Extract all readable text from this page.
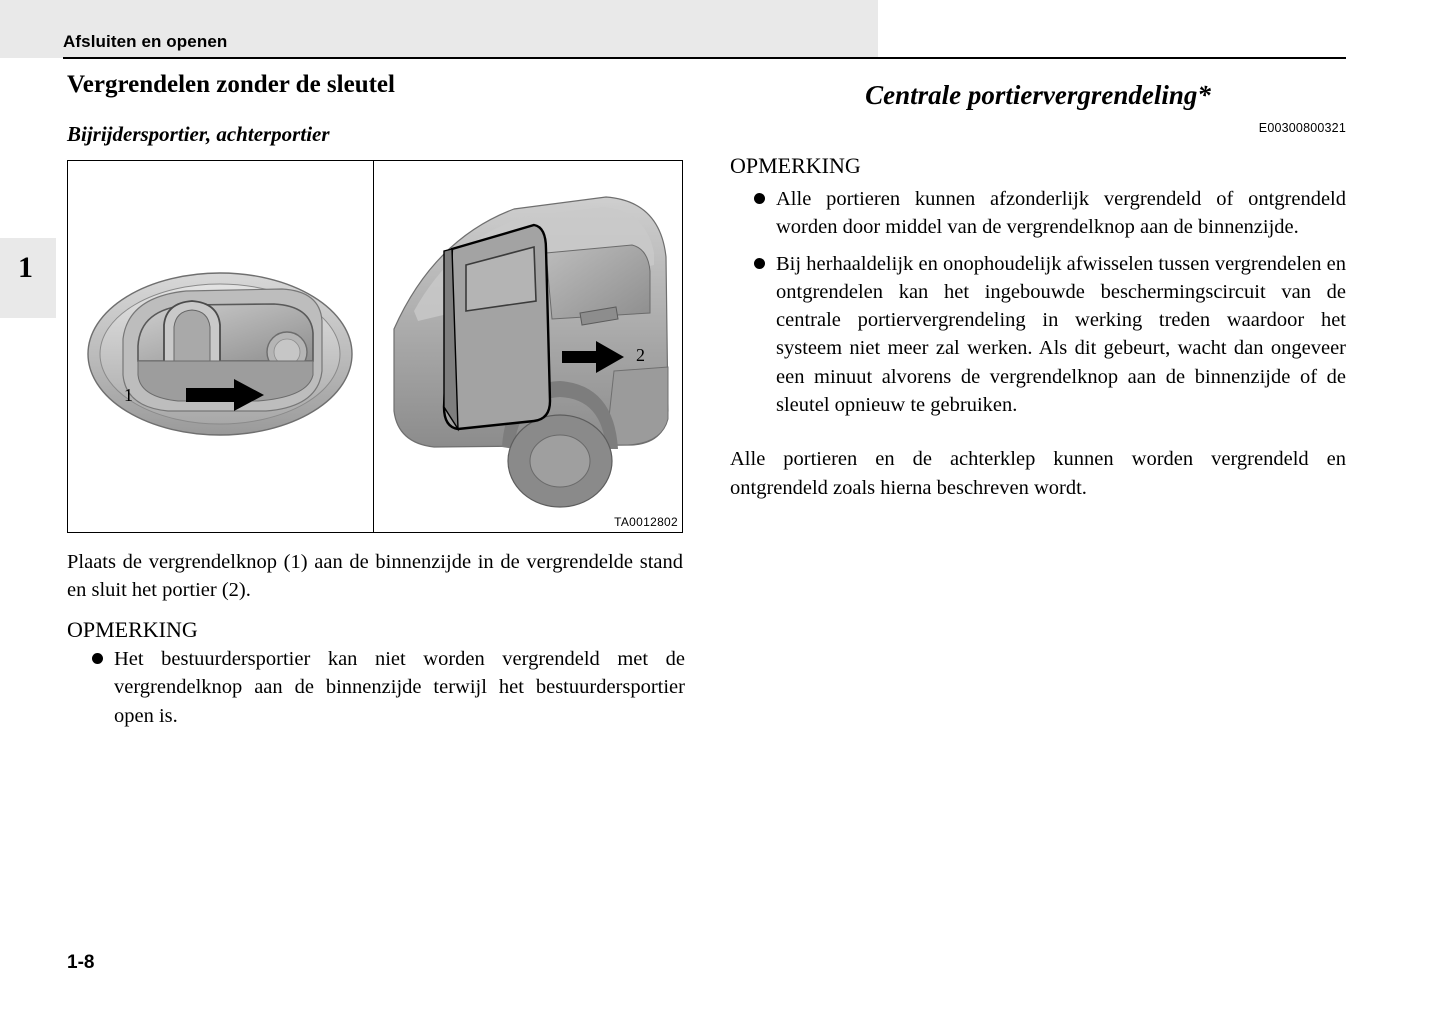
Afsluiten en openen
1
Vergrendelen zonder de sleutel
Bijrijdersportier, achterportier
1
2
TA0012802
Plaats de vergrendelknop (1) aan de binnenzijde in de vergrendelde stand en sluit het portier (2).
OPMERKING
Het bestuurdersportier kan niet worden vergrendeld met de vergrendelknop aan de binnenzijde terwijl het bestuurdersportier open is.
Centrale portiervergrendeling*
E00300800321
OPMERKING
Alle portieren kunnen afzonderlijk vergrendeld of ontgrendeld worden door middel van de vergrendelknop aan de binnenzijde.
Bij herhaaldelijk en onophoudelijk afwisselen tussen vergrendelen en ontgrendelen kan het ingebouwde beschermingscircuit van de centrale portiervergrendeling in werking treden waardoor het systeem niet meer zal werken. Als dit gebeurt, wacht dan ongeveer een minuut alvorens de vergrendelknop aan de binnenzijde of de sleutel opnieuw te gebruiken.
Alle portieren en de achterklep kunnen worden vergrendeld en ontgrendeld zoals hierna beschreven wordt.
1-8
